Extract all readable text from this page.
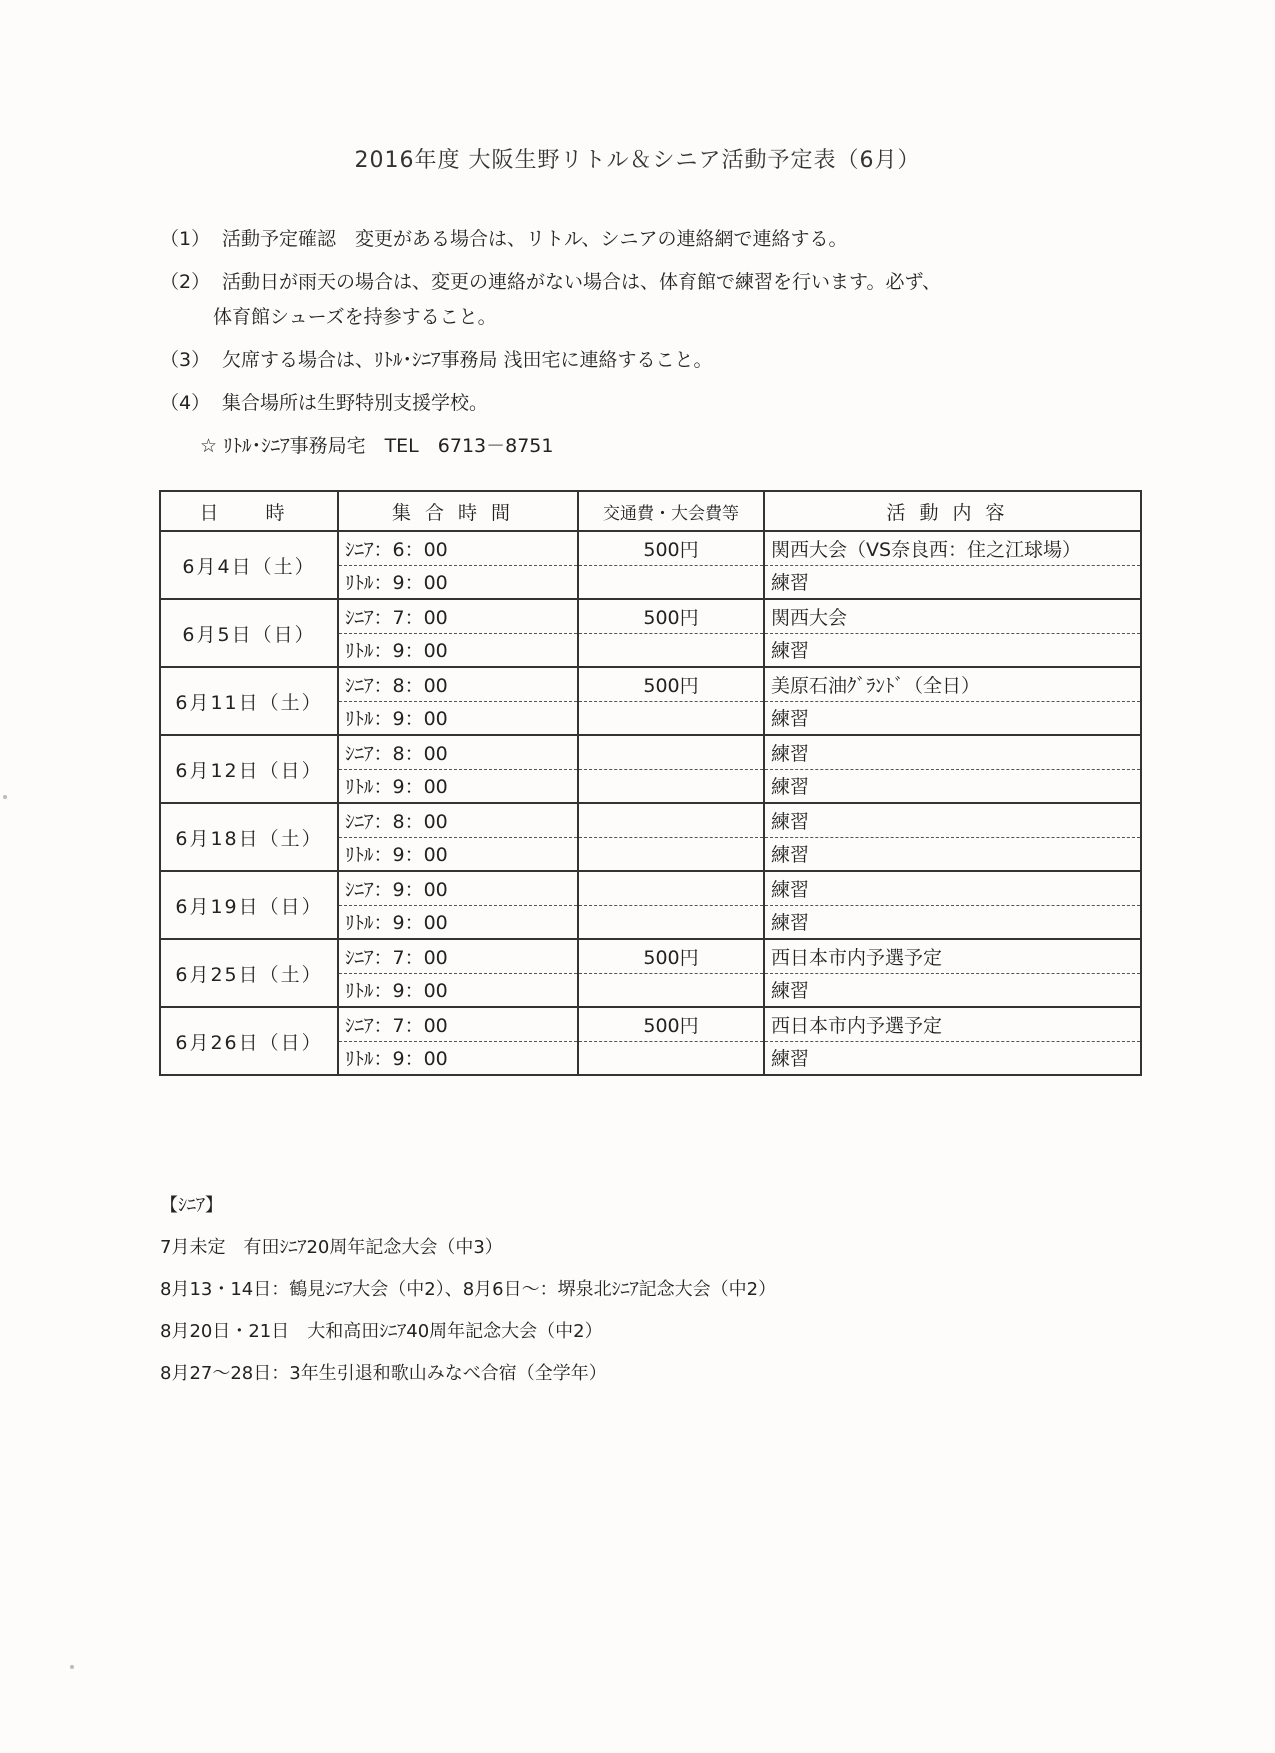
2016年度 大阪生野リトル＆シニア活動予定表（6月）
（1） 活動予定確認　変更がある場合は、リトル、シニアの連絡網で連絡する。
（2） 活動日が雨天の場合は、変更の連絡がない場合は、体育館で練習を行います。必ず、
体育館シューズを持参すること。
（3） 欠席する場合は、ﾘﾄﾙ･ｼﾆｱ事務局 浅田宅に連絡すること。
（4） 集合場所は生野特別支援学校。
☆ ﾘﾄﾙ･ｼﾆｱ事務局宅　TEL　6713－8751
日　時	集合時間	交通費・大会費等	活動内容
6月4日（土）	ｼﾆｱ：6：00	500円	関西大会（VS奈良西：住之江球場）
	ﾘﾄﾙ：9：00		練習
6月5日（日）	ｼﾆｱ：7：00	500円	関西大会
	ﾘﾄﾙ：9：00		練習
6月11日（土）	ｼﾆｱ：8：00	500円	美原石油ｸﾞﾗﾝﾄﾞ（全日）
	ﾘﾄﾙ：9：00		練習
6月12日（日）	ｼﾆｱ：8：00		練習
	ﾘﾄﾙ：9：00		練習
6月18日（土）	ｼﾆｱ：8：00		練習
	ﾘﾄﾙ：9：00		練習
6月19日（日）	ｼﾆｱ：9：00		練習
	ﾘﾄﾙ：9：00		練習
6月25日（土）	ｼﾆｱ：7：00	500円	西日本市内予選予定
	ﾘﾄﾙ：9：00		練習
6月26日（日）	ｼﾆｱ：7：00	500円	西日本市内予選予定
	ﾘﾄﾙ：9：00		練習
【ｼﾆｱ】
7月未定　有田ｼﾆｱ20周年記念大会（中3）
8月13・14日：鶴見ｼﾆｱ大会（中2）、8月6日～：堺泉北ｼﾆｱ記念大会（中2）
8月20日・21日　大和高田ｼﾆｱ40周年記念大会（中2）
8月27～28日：3年生引退和歌山みなべ合宿（全学年）
